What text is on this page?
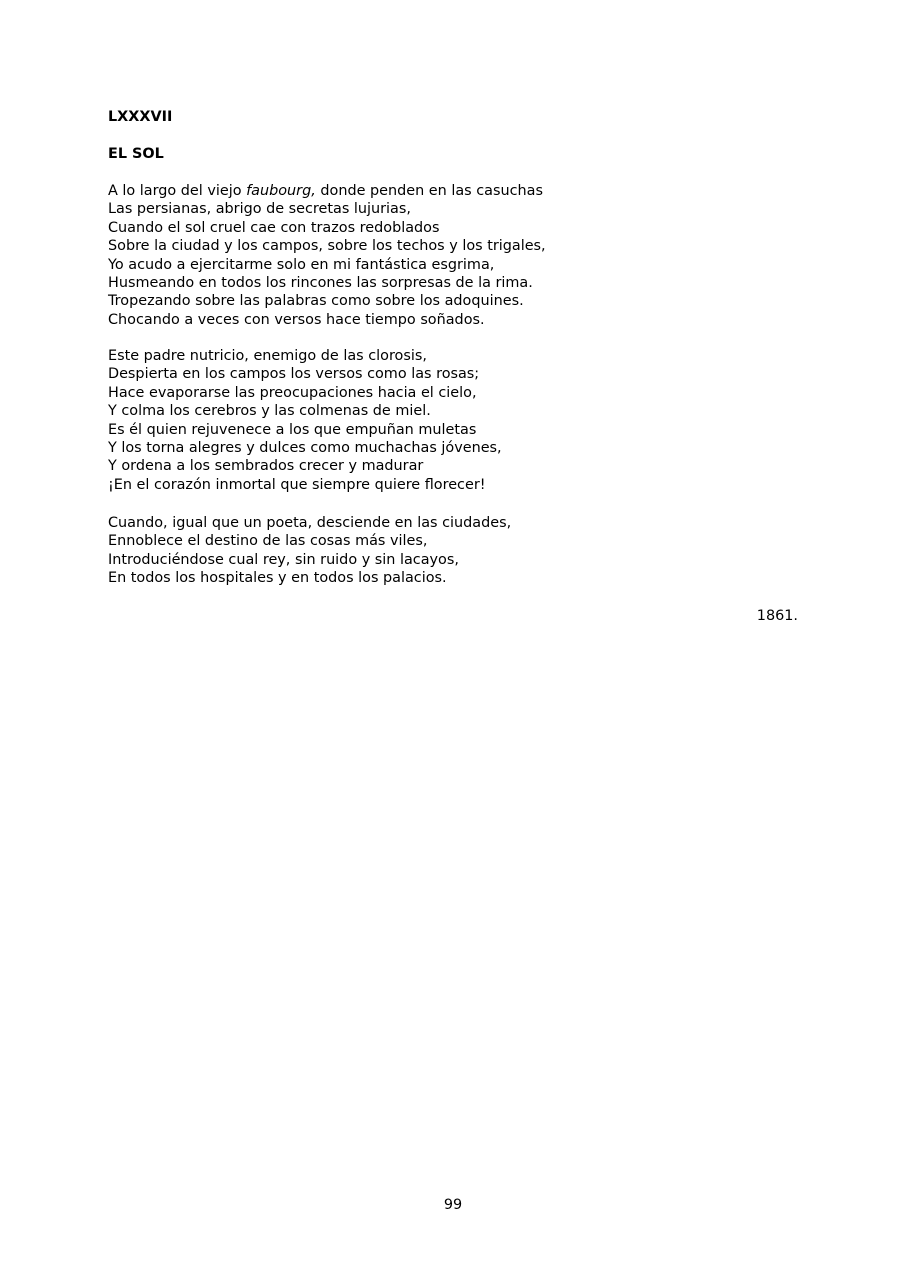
LXXXVII
EL SOL
A lo largo del viejo faubourg, donde penden en las casuchas
Las persianas, abrigo de secretas lujurias,
Cuando el sol cruel cae con trazos redoblados
Sobre la ciudad y los campos, sobre los techos y los trigales,
Yo acudo a ejercitarme solo en mi fantástica esgrima,
Husmeando en todos los rincones las sorpresas de la rima.
Tropezando sobre las palabras como sobre los adoquines.
Chocando a veces con versos hace tiempo soñados.
Este padre nutricio, enemigo de las clorosis,
Despierta en los campos los versos como las rosas;
Hace evaporarse las preocupaciones hacia el cielo,
Y colma los cerebros y las colmenas de miel.
Es él quien rejuvenece a los que empuñan muletas
Y los torna alegres y dulces como muchachas jóvenes,
Y ordena a los sembrados crecer y madurar
¡En el corazón inmortal que siempre quiere florecer!
Cuando, igual que un poeta, desciende en las ciudades,
Ennoblece el destino de las cosas más viles,
Introduciéndose cual rey, sin ruido y sin lacayos,
En todos los hospitales y en todos los palacios.
1861.
99
